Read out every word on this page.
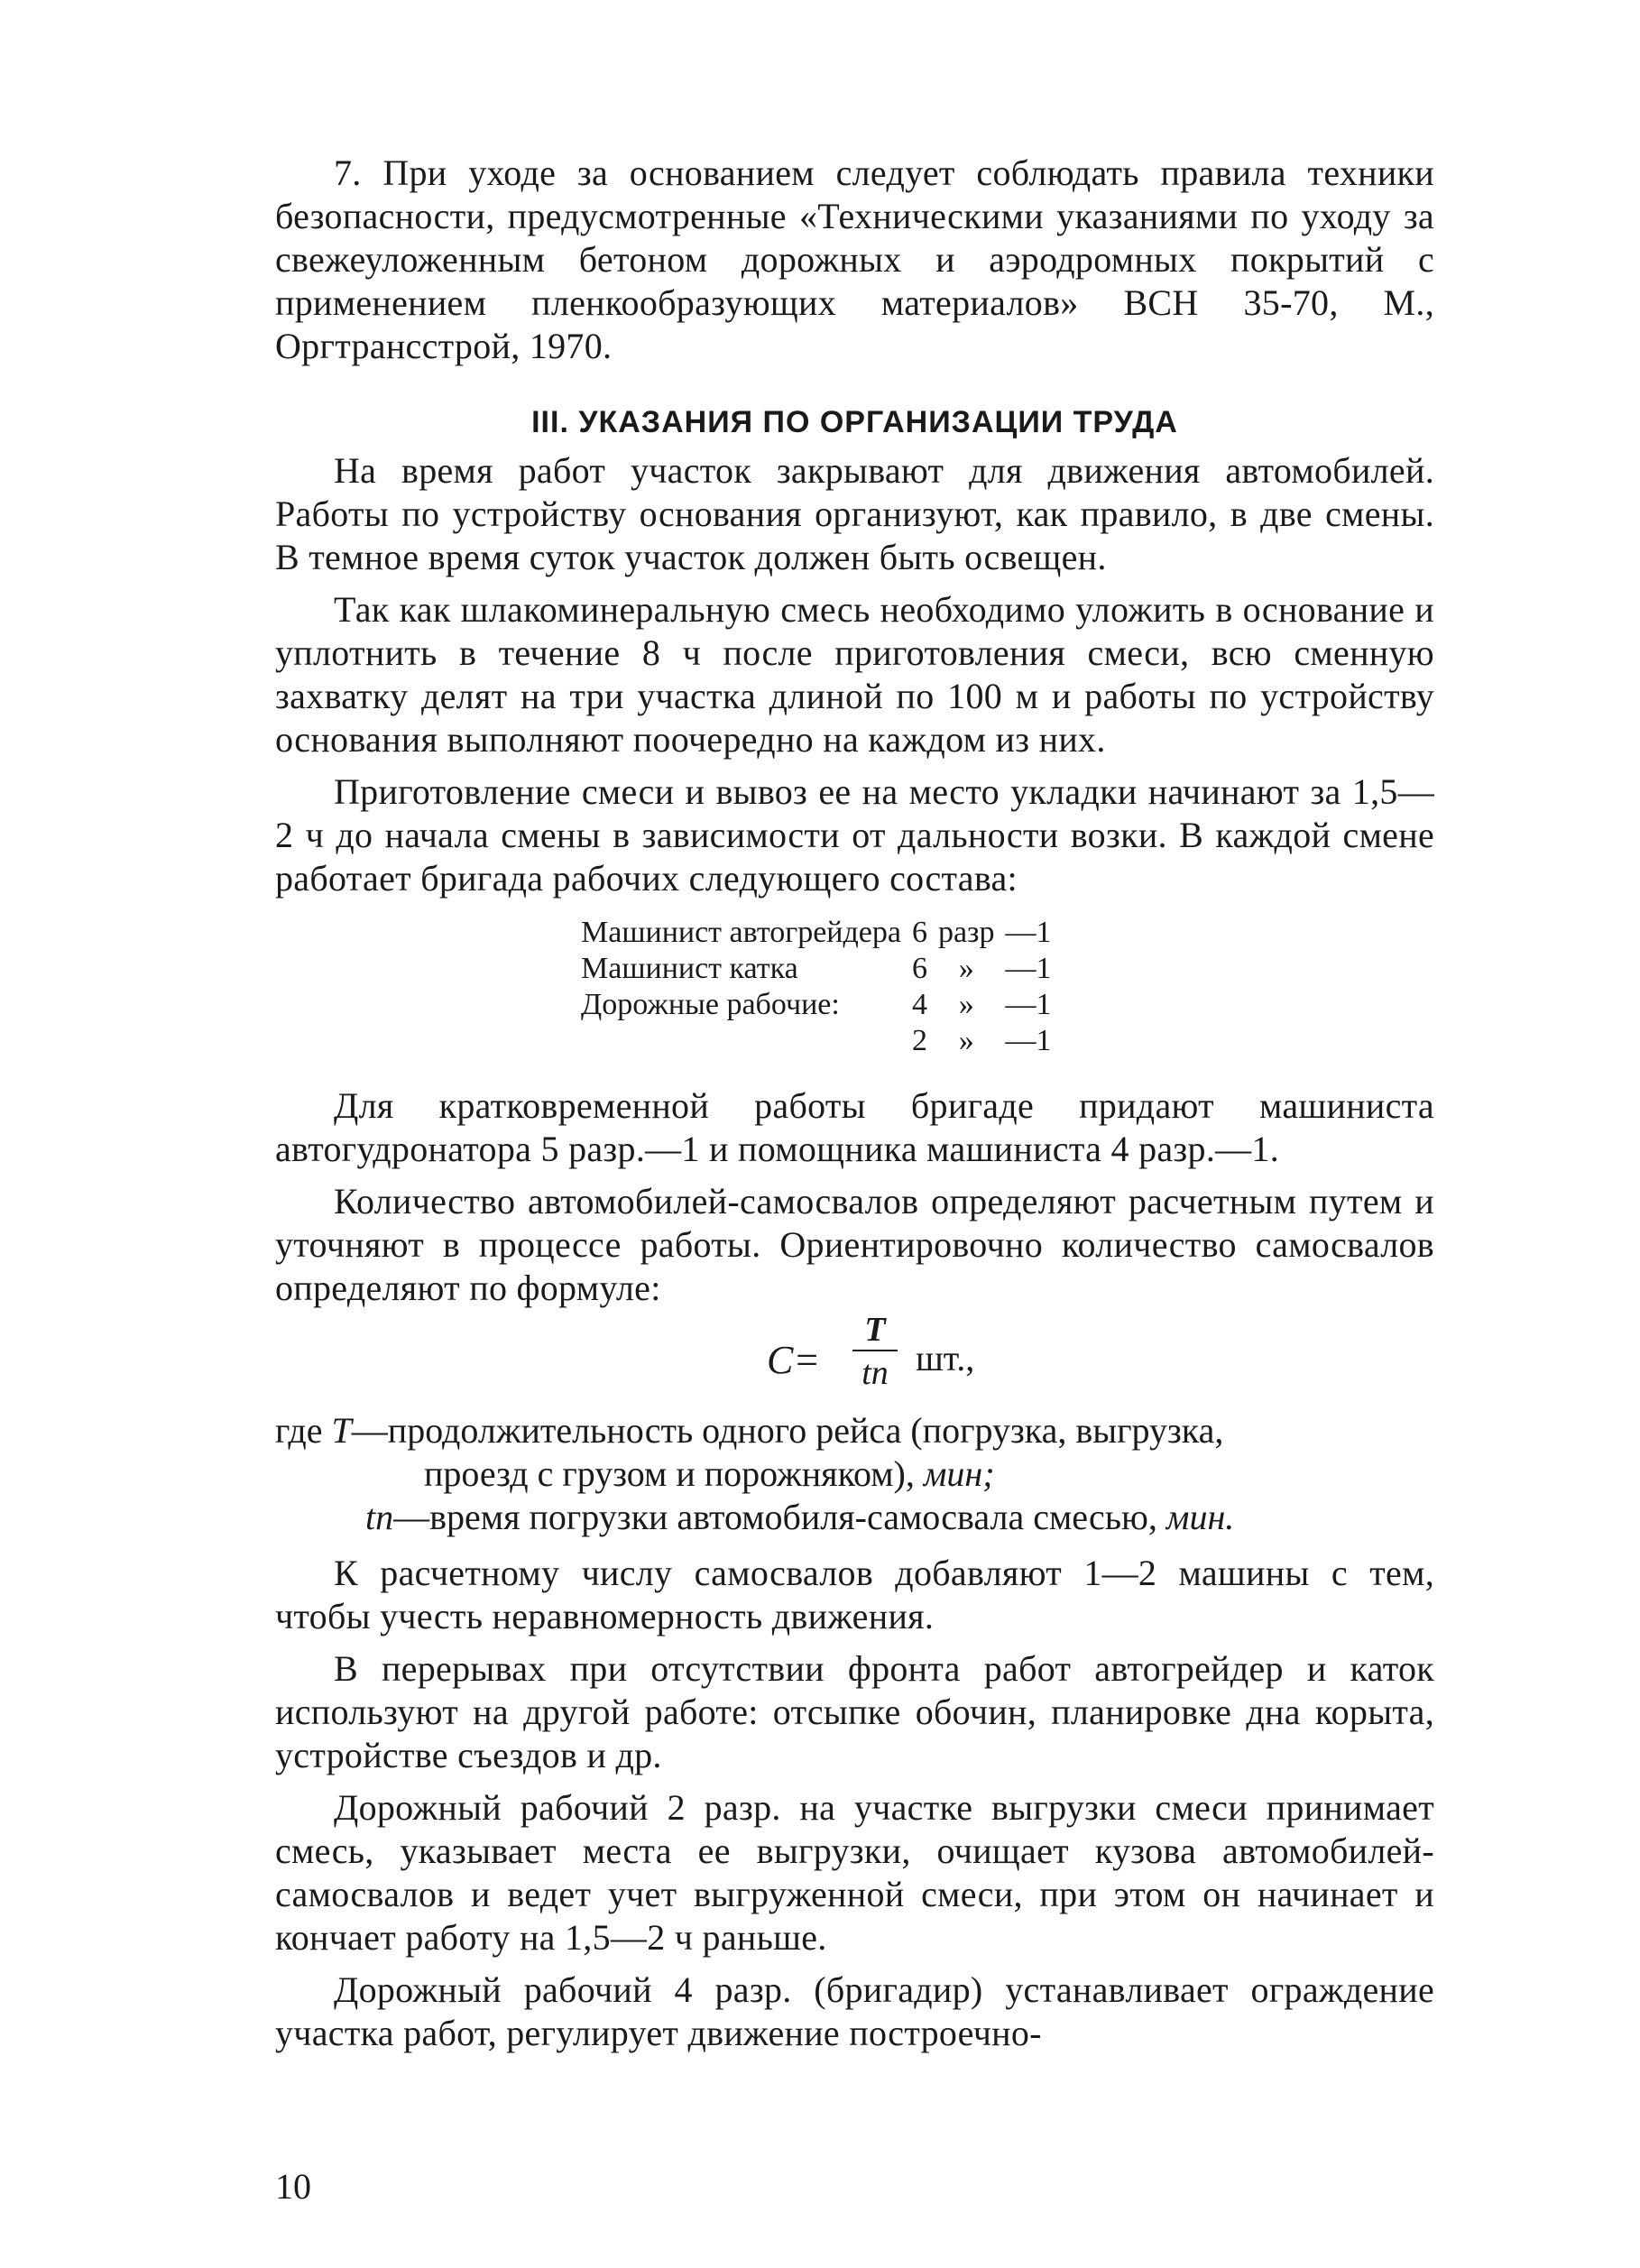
7. При уходе за основанием следует соблюдать правила техники безопасности, предусмотренные «Техническими указаниями по уходу за свежеуложенным бетоном дорожных и аэродромных покрытий с применением пленкообразующих материалов» ВСН 35-70, М., Оргтрансстрой, 1970.

III. УКАЗАНИЯ ПО ОРГАНИЗАЦИИ ТРУДА

На время работ участок закрывают для движения автомобилей. Работы по устройству основания организуют, как правило, в две смены. В темное время суток участок должен быть освещен.

Так как шлакоминеральную смесь необходимо уложить в основание и уплотнить в течение 8 ч после приготовления смеси, всю сменную захватку делят на три участка длиной по 100 м и работы по устройству основания выполняют поочередно на каждом из них.

Приготовление смеси и вывоз ее на место укладки начинают за 1,5—2 ч до начала смены в зависимости от дальности возки. В каждой смене работает бригада рабочих следующего состава:

Машинист автогрейдера	6	разр	—1
Машинист катка	6	»	—1
Дорожные рабочие:	4	»	—1
	2	»	—1

Для кратковременной работы бригаде придают машиниста автогудронатора 5 разр.—1 и помощника машиниста 4 разр.—1.

Количество автомобилей-самосвалов определяют расчетным путем и уточняют в процессе работы. Ориентировочно количество самосвалов определяют по формуле:

C=
T
tп шт.,
где T—продолжительность одного рейса (погрузка, выгрузка,
проезд с грузом и порожняком), мин;
tп—время погрузки автомобиля-самосвала смесью, мин.

К расчетному числу самосвалов добавляют 1—2 машины с тем, чтобы учесть неравномерность движения.

В перерывах при отсутствии фронта работ автогрейдер и каток используют на другой работе: отсыпке обочин, планировке дна корыта, устройстве съездов и др.

Дорожный рабочий 2 разр. на участке выгрузки смеси принимает смесь, указывает места ее выгрузки, очищает кузова автомобилей-самосвалов и ведет учет выгруженной смеси, при этом он начинает и кончает работу на 1,5—2 ч раньше.

Дорожный рабочий 4 разр. (бригадир) устанавливает ограждение участка работ, регулирует движение построечно-

10
